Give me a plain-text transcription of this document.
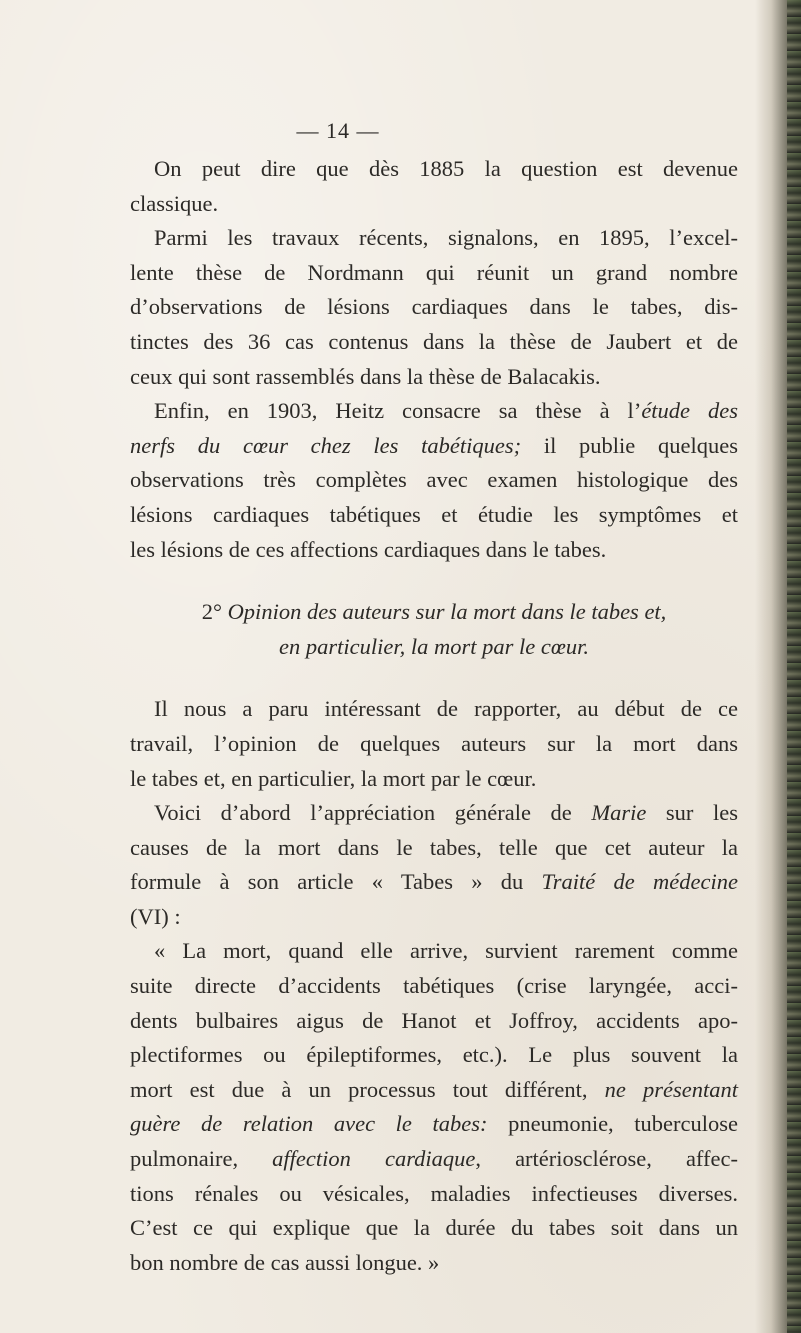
— 14 —
On peut dire que dès 1885 la question est devenue
classique.
Parmi les travaux récents, signalons, en 1895, l’excel-
lente thèse de Nordmann qui réunit un grand nombre
d’observations de lésions cardiaques dans le tabes, dis-
tinctes des 36 cas contenus dans la thèse de Jaubert et de
ceux qui sont rassemblés dans la thèse de Balacakis.
Enfin, en 1903, Heitz consacre sa thèse à l’étude des
nerfs du cœur chez les tabétiques; il publie quelques
observations très complètes avec examen histologique des
lésions cardiaques tabétiques et étudie les symptômes et
les lésions de ces affections cardiaques dans le tabes.
2° Opinion des auteurs sur la mort dans le tabes et,
en particulier, la mort par le cœur.
Il nous a paru intéressant de rapporter, au début de ce
travail, l’opinion de quelques auteurs sur la mort dans
le tabes et, en particulier, la mort par le cœur.
Voici d’abord l’appréciation générale de Marie sur les
causes de la mort dans le tabes, telle que cet auteur la
formule à son article « Tabes » du Traité de médecine
(VI) :
« La mort, quand elle arrive, survient rarement comme
suite directe d’accidents tabétiques (crise laryngée, acci-
dents bulbaires aigus de Hanot et Joffroy, accidents apo-
plectiformes ou épileptiformes, etc.). Le plus souvent la
mort est due à un processus tout différent, ne présentant
guère de relation avec le tabes: pneumonie, tuberculose
pulmonaire, affection cardiaque, artériosclérose, affec-
tions rénales ou vésicales, maladies infectieuses diverses.
C’est ce qui explique que la durée du tabes soit dans un
bon nombre de cas aussi longue. »
